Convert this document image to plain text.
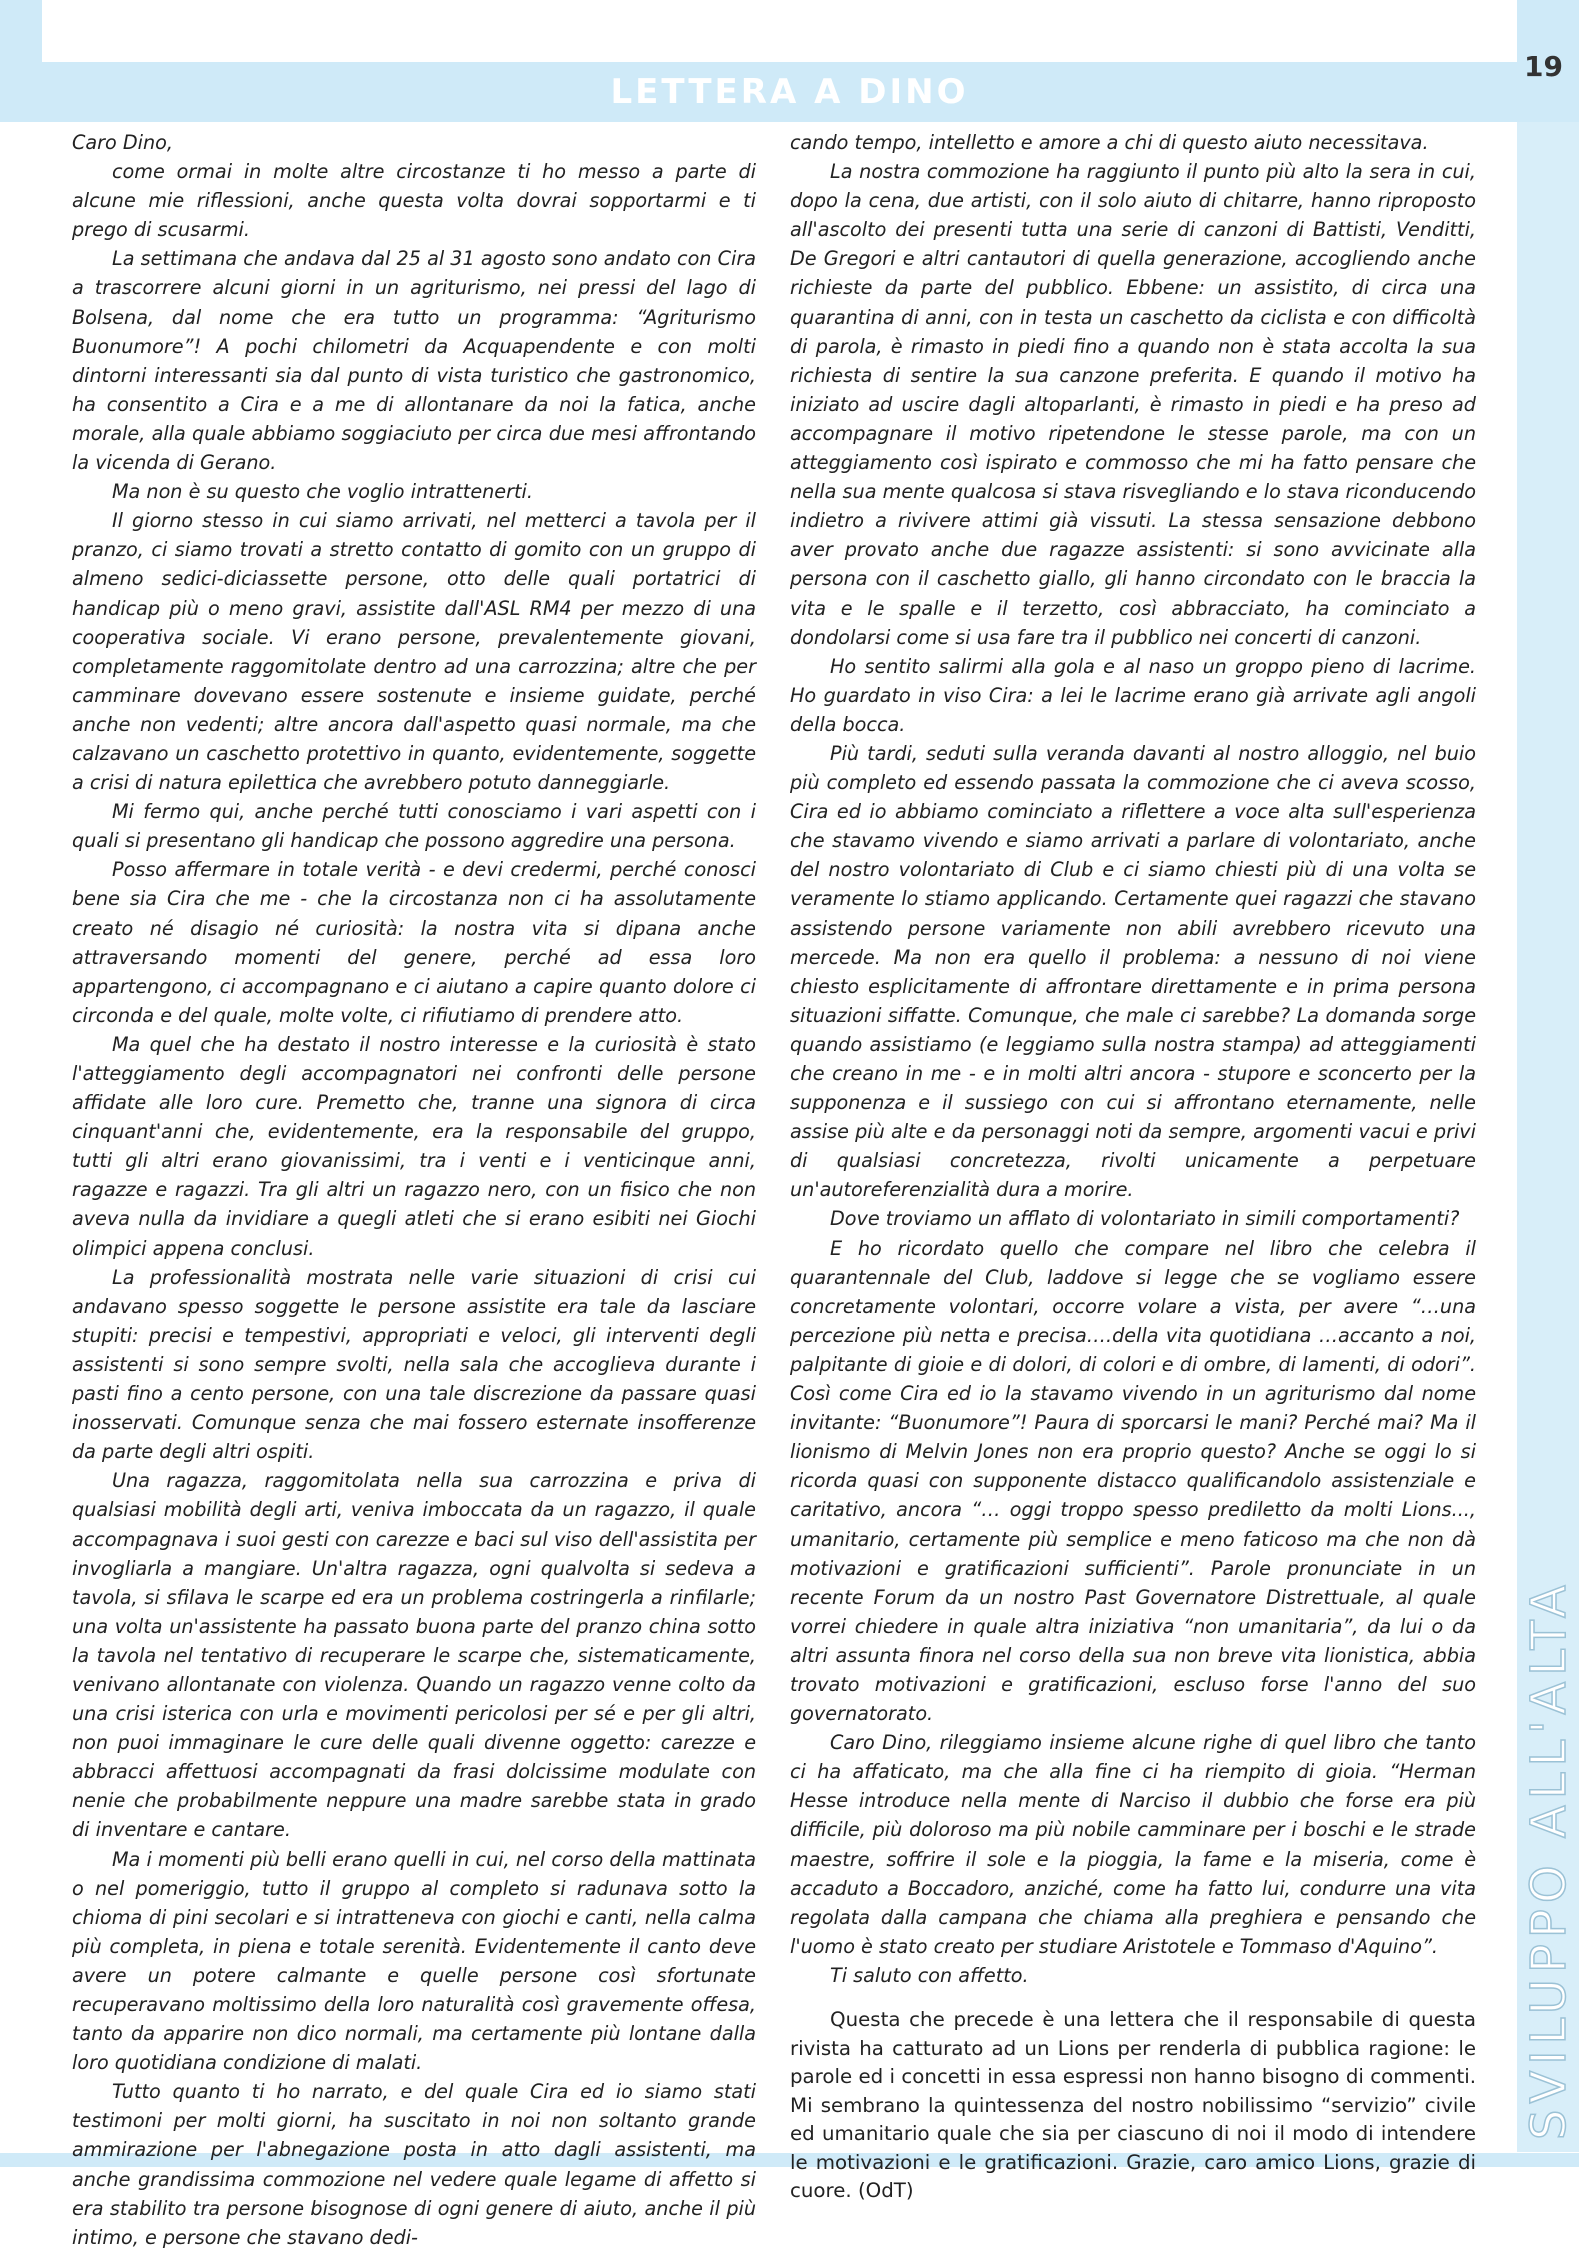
LETTERA A DINO
19
SVILUPPO ALL'ALTA

Caro Dino,

come ormai in molte altre circostanze ti ho messo a parte di alcune mie riflessioni, anche questa volta dovrai sopportarmi e ti prego di scusarmi.

La settimana che andava dal 25 al 31 agosto sono andato con Cira a trascorrere alcuni giorni in un agriturismo, nei pressi del lago di Bolsena, dal nome che era tutto un programma: “Agriturismo Buonumore”! A pochi chilometri da Acquapendente e con molti dintorni interessanti sia dal punto di vista turistico che gastronomico, ha consentito a Cira e a me di allontanare da noi la fatica, anche morale, alla quale abbiamo soggiaciuto per circa due mesi affrontando la vicenda di Gerano.

Ma non è su questo che voglio intrattenerti.

Il giorno stesso in cui siamo arrivati, nel metterci a tavola per il pranzo, ci siamo trovati a stretto contatto di gomito con un gruppo di almeno sedici-diciassette persone, otto delle quali portatrici di handicap più o meno gravi, assistite dall'ASL RM4 per mezzo di una cooperativa sociale. Vi erano persone, prevalentemente giovani, completamente raggomitolate dentro ad una carrozzina; altre che per camminare dovevano essere sostenute e insieme guidate, perché anche non vedenti; altre ancora dall'aspetto quasi normale, ma che calzavano un caschetto protettivo in quanto, evidentemente, soggette a crisi di natura epilettica che avrebbero potuto danneggiarle.

Mi fermo qui, anche perché tutti conosciamo i vari aspetti con i quali si presentano gli handicap che possono aggredire una persona.

Posso affermare in totale verità - e devi credermi, perché conosci bene sia Cira che me - che la circostanza non ci ha assolutamente creato né disagio né curiosità: la nostra vita si dipana anche attraversando momenti del genere, perché ad essa loro appartengono, ci accompagnano e ci aiutano a capire quanto dolore ci circonda e del quale, molte volte, ci rifiutiamo di prendere atto.

Ma quel che ha destato il nostro interesse e la curiosità è stato l'atteggiamento degli accompagnatori nei confronti delle persone affidate alle loro cure. Premetto che, tranne una signora di circa cinquant'anni che, evidentemente, era la responsabile del gruppo, tutti gli altri erano giovanissimi, tra i venti e i venticinque anni, ragazze e ragazzi. Tra gli altri un ragazzo nero, con un fisico che non aveva nulla da invidiare a quegli atleti che si erano esibiti nei Giochi olimpici appena conclusi.

La professionalità mostrata nelle varie situazioni di crisi cui andavano spesso soggette le persone assistite era tale da lasciare stupiti: precisi e tempestivi, appropriati e veloci, gli interventi degli assistenti si sono sempre svolti, nella sala che accoglieva durante i pasti fino a cento persone, con una tale discrezione da passare quasi inosservati. Comunque senza che mai fossero esternate insofferenze da parte degli altri ospiti.

Una ragazza, raggomitolata nella sua carrozzina e priva di qualsiasi mobilità degli arti, veniva imboccata da un ragazzo, il quale accompagnava i suoi gesti con carezze e baci sul viso dell'assistita per invogliarla a mangiare. Un'altra ragazza, ogni qualvolta si sedeva a tavola, si sfilava le scarpe ed era un problema costringerla a rinfilarle; una volta un'assistente ha passato buona parte del pranzo china sotto la tavola nel tentativo di recuperare le scarpe che, sistematicamente, venivano allontanate con violenza. Quando un ragazzo venne colto da una crisi isterica con urla e movimenti pericolosi per sé e per gli altri, non puoi immaginare le cure delle quali divenne oggetto: carezze e abbracci affettuosi accompagnati da frasi dolcissime modulate con nenie che probabilmente neppure una madre sarebbe stata in grado di inventare e cantare.

Ma i momenti più belli erano quelli in cui, nel corso della mattinata o nel pomeriggio, tutto il gruppo al completo si radunava sotto la chioma di pini secolari e si intratteneva con giochi e canti, nella calma più completa, in piena e totale serenità. Evidentemente il canto deve avere un potere calmante e quelle persone così sfortunate recuperavano moltissimo della loro naturalità così gravemente offesa, tanto da apparire non dico normali, ma certamente più lontane dalla loro quotidiana condizione di malati.

Tutto quanto ti ho narrato, e del quale Cira ed io siamo stati testimoni per molti giorni, ha suscitato in noi non soltanto grande ammirazione per l'abnegazione posta in atto dagli assistenti, ma anche grandissima commozione nel vedere quale legame di affetto si era stabilito tra persone bisognose di ogni genere di aiuto, anche il più intimo, e persone che stavano dedi-

cando tempo, intelletto e amore a chi di questo aiuto necessitava.

La nostra commozione ha raggiunto il punto più alto la sera in cui, dopo la cena, due artisti, con il solo aiuto di chitarre, hanno riproposto all'ascolto dei presenti tutta una serie di canzoni di Battisti, Venditti, De Gregori e altri cantautori di quella generazione, accogliendo anche richieste da parte del pubblico. Ebbene: un assistito, di circa una quarantina di anni, con in testa un caschetto da ciclista e con difficoltà di parola, è rimasto in piedi fino a quando non è stata accolta la sua richiesta di sentire la sua canzone preferita. E quando il motivo ha iniziato ad uscire dagli altoparlanti, è rimasto in piedi e ha preso ad accompagnare il motivo ripetendone le stesse parole, ma con un atteggiamento così ispirato e commosso che mi ha fatto pensare che nella sua mente qualcosa si stava risvegliando e lo stava riconducendo indietro a rivivere attimi già vissuti. La stessa sensazione debbono aver provato anche due ragazze assistenti: si sono avvicinate alla persona con il caschetto giallo, gli hanno circondato con le braccia la vita e le spalle e il terzetto, così abbracciato, ha cominciato a dondolarsi come si usa fare tra il pubblico nei concerti di canzoni.

Ho sentito salirmi alla gola e al naso un groppo pieno di lacrime. Ho guardato in viso Cira: a lei le lacrime erano già arrivate agli angoli della bocca.

Più tardi, seduti sulla veranda davanti al nostro alloggio, nel buio più completo ed essendo passata la commozione che ci aveva scosso, Cira ed io abbiamo cominciato a riflettere a voce alta sull'esperienza che stavamo vivendo e siamo arrivati a parlare di volontariato, anche del nostro volontariato di Club e ci siamo chiesti più di una volta se veramente lo stiamo applicando. Certamente quei ragazzi che stavano assistendo persone variamente non abili avrebbero ricevuto una mercede. Ma non era quello il problema: a nessuno di noi viene chiesto esplicitamente di affrontare direttamente e in prima persona situazioni siffatte. Comunque, che male ci sarebbe? La domanda sorge quando assistiamo (e leggiamo sulla nostra stampa) ad atteggiamenti che creano in me - e in molti altri ancora - stupore e sconcerto per la supponenza e il sussiego con cui si affrontano eternamente, nelle assise più alte e da personaggi noti da sempre, argomenti vacui e privi di qualsiasi concretezza, rivolti unicamente a perpetuare un'autoreferenzialità dura a morire.

Dove troviamo un afflato di volontariato in simili comportamenti?

E ho ricordato quello che compare nel libro che celebra il quarantennale del Club, laddove si legge che se vogliamo essere concretamente volontari, occorre volare a vista, per avere “…una percezione più netta e precisa….della vita quotidiana …accanto a noi, palpitante di gioie e di dolori, di colori e di ombre, di lamenti, di odori”. Così come Cira ed io la stavamo vivendo in un agriturismo dal nome invitante: “Buonumore”! Paura di sporcarsi le mani? Perché mai? Ma il lionismo di Melvin Jones non era proprio questo? Anche se oggi lo si ricorda quasi con supponente distacco qualificandolo assistenziale e caritativo, ancora “… oggi troppo spesso prediletto da molti Lions..., umanitario, certamente più semplice e meno faticoso ma che non dà motivazioni e gratificazioni sufficienti”. Parole pronunciate in un recente Forum da un nostro Past Governatore Distrettuale, al quale vorrei chiedere in quale altra iniziativa “non umanitaria”, da lui o da altri assunta finora nel corso della sua non breve vita lionistica, abbia trovato motivazioni e gratificazioni, escluso forse l'anno del suo governatorato.

Caro Dino, rileggiamo insieme alcune righe di quel libro che tanto ci ha affaticato, ma che alla fine ci ha riempito di gioia. “Herman Hesse introduce nella mente di Narciso il dubbio che forse era più difficile, più doloroso ma più nobile camminare per i boschi e le strade maestre, soffrire il sole e la pioggia, la fame e la miseria, come è accaduto a Boccadoro, anziché, come ha fatto lui, condurre una vita regolata dalla campana che chiama alla preghiera e pensando che l'uomo è stato creato per studiare Aristotele e Tommaso d'Aquino”.

Ti saluto con affetto.

Questa che precede è una lettera che il responsabile di questa rivista ha catturato ad un Lions per renderla di pubblica ragione: le parole ed i concetti in essa espressi non hanno bisogno di commenti. Mi sembrano la quintessenza del nostro nobilissimo “servizio” civile ed umanitario quale che sia per ciascuno di noi il modo di intendere le motivazioni e le gratificazioni. Grazie, caro amico Lions, grazie di cuore. (OdT)
